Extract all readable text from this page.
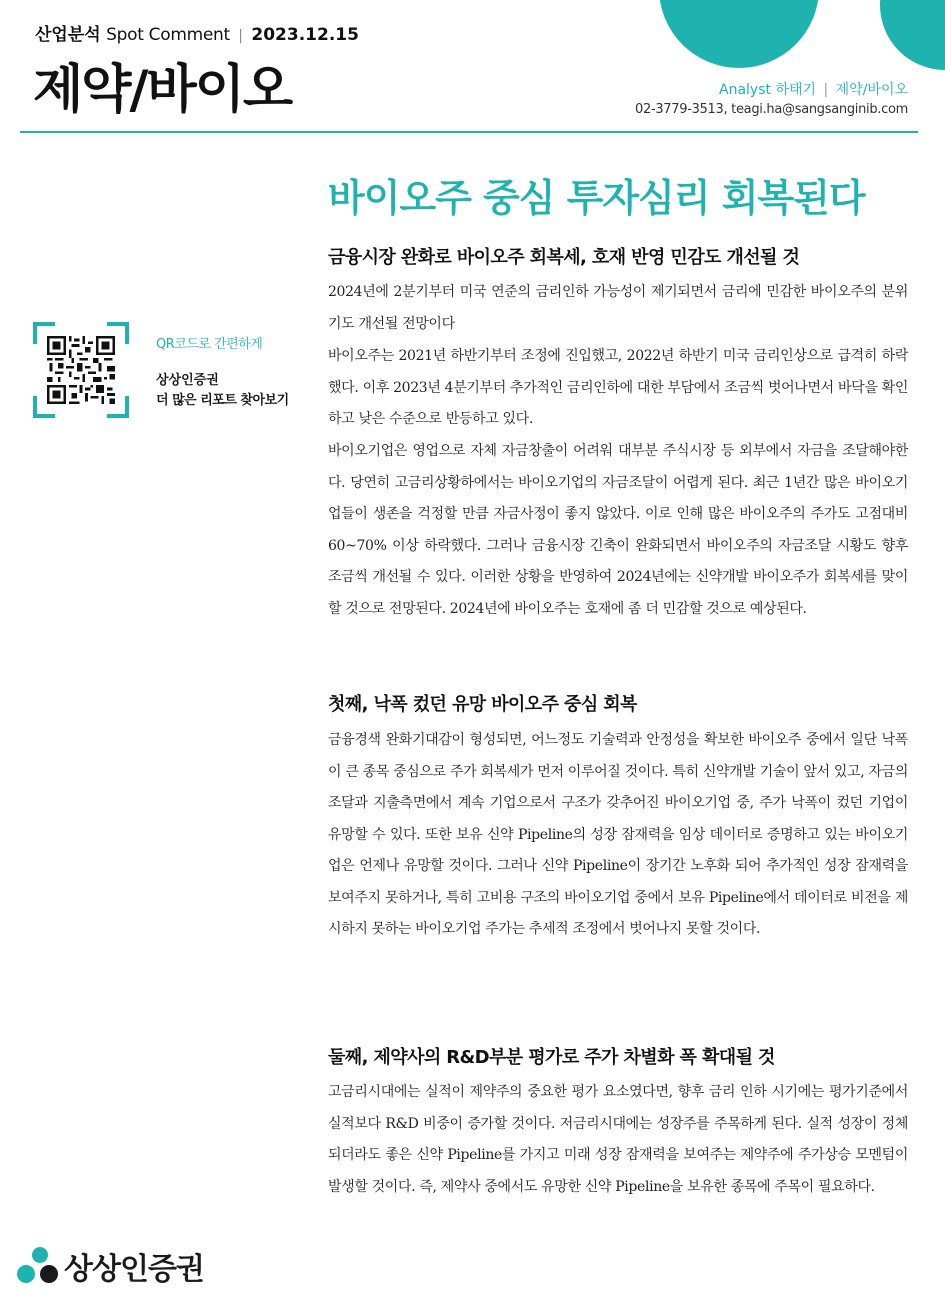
산업분석 Spot Comment | 2023.12.15
제약/바이오	Analyst 하태기 | 제약/바이오
02-3779-3513, teagi.ha@sangsanginib.com
바이오주 중심 투자심리 회복된다
금융시장 완화로 바이오주 회복세, 호재 반영 민감도 개선될 것

2024년에 2분기부터 미국 연준의 금리인하 가능성이 제기되면서 금리에 민감한 바이오주의 분위기도 개선될 전망이다

바이오주는 2021년 하반기부터 조정에 진입했고, 2022년 하반기 미국 금리인상으로 급격히 하락했다. 이후 2023년 4분기부터 추가적인 금리인하에 대한 부담에서 조금씩 벗어나면서 바닥을 확인하고 낮은 수준으로 반등하고 있다.

바이오기업은 영업으로 자체 자금창출이 어려워 대부분 주식시장 등 외부에서 자금을 조달해야한다. 당연히 고금리상황하에서는 바이오기업의 자금조달이 어렵게 된다. 최근 1년간 많은 바이오기업들이 생존을 걱정할 만큼 자금사정이 좋지 않았다. 이로 인해 많은 바이오주의 주가도 고점대비 60~70% 이상 하락했다. 그러나 금융시장 긴축이 완화되면서 바이오주의 자금조달 시황도 향후 조금씩 개선될 수 있다. 이러한 상황을 반영하여 2024년에는 신약개발 바이오주가 회복세를 맞이할 것으로 전망된다. 2024년에 바이오주는 호재에 좀 더 민감할 것으로 예상된다.

첫째, 낙폭 컸던 유망 바이오주 중심 회복

금융경색 완화기대감이 형성되면, 어느정도 기술력과 안정성을 확보한 바이오주 중에서 일단 낙폭이 큰 종목 중심으로 주가 회복세가 먼저 이루어질 것이다. 특히 신약개발 기술이 앞서 있고, 자금의 조달과 지출측면에서 계속 기업으로서 구조가 갖추어진 바이오기업 중, 주가 낙폭이 컸던 기업이 유망할 수 있다. 또한 보유 신약 Pipeline의 성장 잠재력을 임상 데이터로 증명하고 있는 바이오기업은 언제나 유망할 것이다. 그러나 신약 Pipeline이 장기간 노후화 되어 추가적인 성장 잠재력을 보여주지 못하거나, 특히 고비용 구조의 바이오기업 중에서 보유 Pipeline에서 데이터로 비전을 제시하지 못하는 바이오기업 주가는 추세적 조정에서 벗어나지 못할 것이다.

둘째, 제약사의 R&D부분 평가로 주가 차별화 폭 확대될 것

고금리시대에는 실적이 제약주의 중요한 평가 요소였다면, 향후 금리 인하 시기에는 평가기준에서 실적보다 R&D 비중이 증가할 것이다. 저금리시대에는 성장주를 주목하게 된다. 실적 성장이 정체되더라도 좋은 신약 Pipeline를 가지고 미래 성장 잠재력을 보여주는 제약주에 주가상승 모멘텀이 발생할 것이다. 즉, 제약사 중에서도 유망한 신약 Pipeline을 보유한 종목에 주목이 필요하다.

QR코드로 간편하게
상상인증권
더 많은 리포트 찾아보기
상상인증권
